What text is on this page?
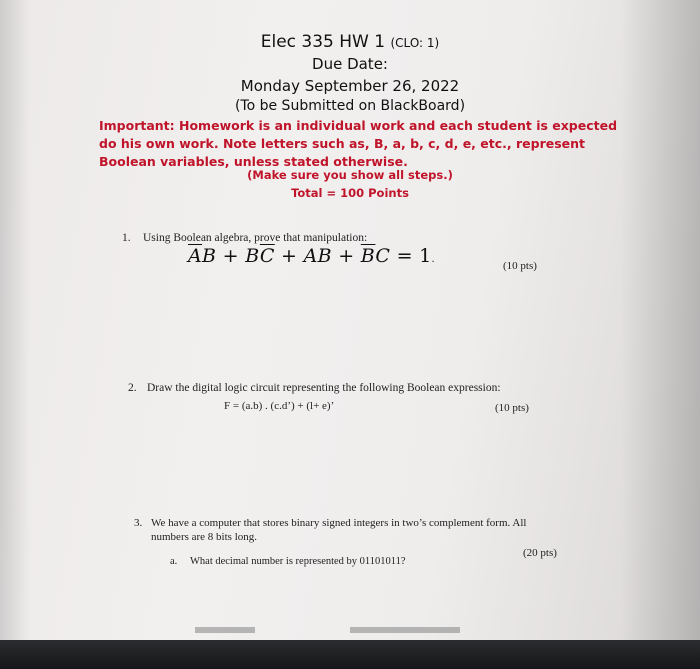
Elec 335 HW 1 (CLO: 1)
Due Date:
Monday September 26, 2022
(To be Submitted on BlackBoard)
Important: Homework is an individual work and each student is expected do his own work. Note letters such as, B, a, b, c, d, e, etc., represent Boolean variables, unless stated otherwise.
(Make sure you show all steps.)
Total = 100 Points
1. Using Boolean algebra, prove that manipulation:
$\overline{A}B + B\overline{C}$ + AB + $\overline{B}C = 1$.
(10 pts)
2. Draw the digital logic circuit representing the following Boolean expression:
F = (a.b) . (c.d’) + (l+ e)’	(10 pts)
3. We have a computer that stores binary signed integers in two’s complement form. All
numbers are 8 bits long.
(20 pts)
a. What decimal number is represented by 01101011?
